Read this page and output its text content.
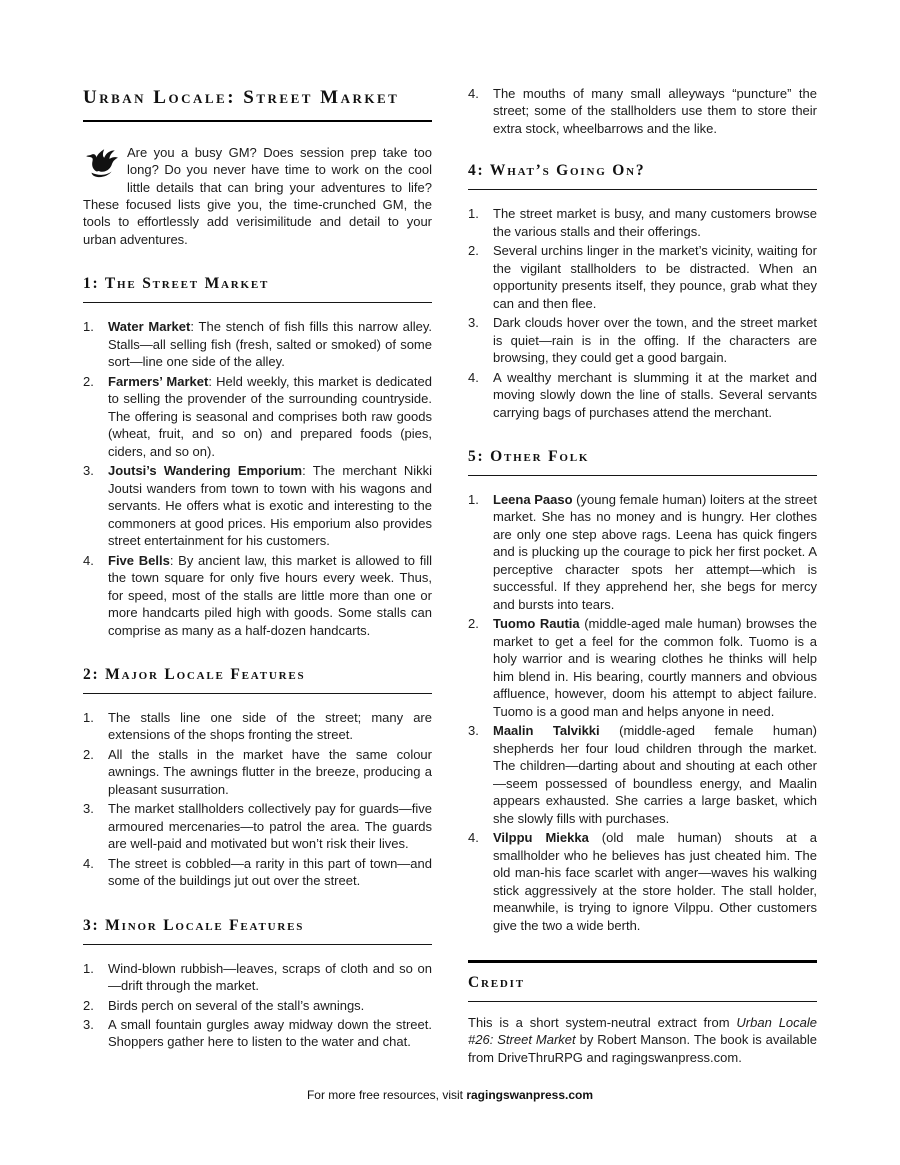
Urban Locale: Street Market

Are you a busy GM? Does session prep take too long? Do you never have time to work on the cool little details that can bring your adventures to life? These focused lists give you, the time-crunched GM, the tools to effortlessly add verisimilitude and detail to your urban adventures.

1: The Street Market
Water Market: The stench of fish fills this narrow alley. Stalls—all selling fish (fresh, salted or smoked) of some sort—line one side of the alley.
Farmers’ Market: Held weekly, this market is dedicated to selling the provender of the surrounding countryside. The offering is seasonal and comprises both raw goods (wheat, fruit, and so on) and prepared foods (pies, ciders, and so on).
Joutsi’s Wandering Emporium: The merchant Nikki Joutsi wanders from town to town with his wagons and servants. He offers what is exotic and interesting to the commoners at good prices. His emporium also provides street entertainment for his customers.
Five Bells: By ancient law, this market is allowed to fill the town square for only five hours every week. Thus, for speed, most of the stalls are little more than one or more handcarts piled high with goods. Some stalls can comprise as many as a half-dozen handcarts.
2: Major Locale Features
The stalls line one side of the street; many are extensions of the shops fronting the street.
All the stalls in the market have the same colour awnings. The awnings flutter in the breeze, producing a pleasant susurration.
The market stallholders collectively pay for guards—five armoured mercenaries—to patrol the area. The guards are well-paid and motivated but won’t risk their lives.
The street is cobbled—a rarity in this part of town—and some of the buildings jut out over the street.
3: Minor Locale Features
Wind-blown rubbish—leaves, scraps of cloth and so on—drift through the market.
Birds perch on several of the stall’s awnings.
A small fountain gurgles away midway down the street. Shoppers gather here to listen to the water and chat.
The mouths of many small alleyways “puncture” the street; some of the stallholders use them to store their extra stock, wheelbarrows and the like.
4: What’s Going On?
The street market is busy, and many customers browse the various stalls and their offerings.
Several urchins linger in the market’s vicinity, waiting for the vigilant stallholders to be distracted. When an opportunity presents itself, they pounce, grab what they can and then flee.
Dark clouds hover over the town, and the street market is quiet—rain is in the offing. If the characters are browsing, they could get a good bargain.
A wealthy merchant is slumming it at the market and moving slowly down the line of stalls. Several servants carrying bags of purchases attend the merchant.
5: Other Folk
Leena Paaso (young female human) loiters at the street market. She has no money and is hungry. Her clothes are only one step above rags. Leena has quick fingers and is plucking up the courage to pick her first pocket. A perceptive character spots her attempt—which is successful. If they apprehend her, she begs for mercy and bursts into tears.
Tuomo Rautia (middle-aged male human) browses the market to get a feel for the common folk. Tuomo is a holy warrior and is wearing clothes he thinks will help him blend in. His bearing, courtly manners and obvious affluence, however, doom his attempt to abject failure. Tuomo is a good man and helps anyone in need.
Maalin Talvikki (middle-aged female human) shepherds her four loud children through the market. The children—darting about and shouting at each other—seem possessed of boundless energy, and Maalin appears exhausted. She carries a large basket, which she slowly fills with purchases.
Vilppu Miekka (old male human) shouts at a smallholder who he believes has just cheated him. The old man-his face scarlet with anger—waves his walking stick aggressively at the store holder. The stall holder, meanwhile, is trying to ignore Vilppu. Other customers give the two a wide berth.
Credit

This is a short system-neutral extract from Urban Locale #26: Street Market by Robert Manson. The book is available from DriveThruRPG and ragingswanpress.com.

For more free resources, visit ragingswanpress.com
